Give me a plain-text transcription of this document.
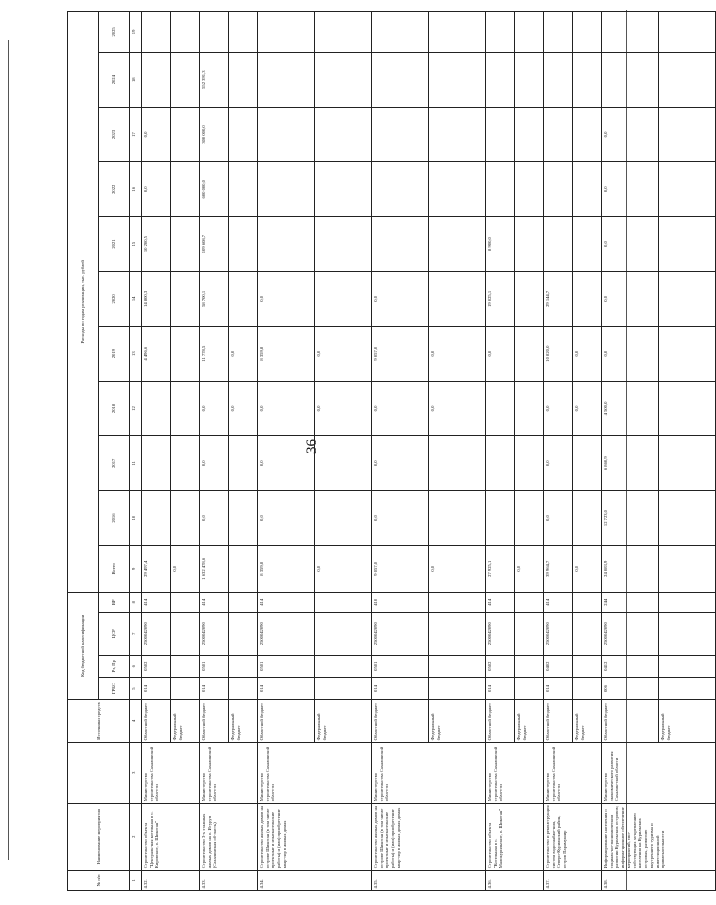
36
№ п/п	Наименование мероприятия		Источники средств	Код бюджетной классификации				Расходы по годам реализации, тыс. рублей										
				ГРБС	Рз, Пр	ЦСР	ВР	Всего	2016	2017	2018	2019	2020	2021	2022	2023	2024	2025
1	2	3	4	5	6	7	8	9	10	11	12	13	14	15	16	17	18	19
4.32.	Строительство объекта "Централь-ная котельная в с. Кировское, о. Шикотан"	Министерство строительства Сахалинской обла-сти	Областной бюджет	014	0502	2500042090	414	29 497,4				4 496,6	14 800,3	10 200,5	0,0	0,0		
			Федеральный бюджет					0,0										
4.33.	Строительство 3-х этажных жилых домов на о. Итуруп (Сахалинская об-ласть)	Министерство строительства Сахалинской обла-сти	Областной бюджет	014	0501	2500042090	414	1 632 478,6	0,0	0,0	0,0	11 778,5	58 700,1	109 608,7	600 000,0	300 000,0	552 391,3	
			Федеральный бюджет								0,0	0,0						
4.34.	Строительство жилых домов на острове Шикотан (в том числе проектные и изыскательские работы) и (или) приобретение квар-тир в жилых домах	Министерство строительства Сахалинской обла-сти	Областной бюджет	014	0501	2500042090	414	8 359,8	0,0	0,0	0,0	8 359,8	0,0					
			Федеральный бюджет					0,0			0,0	0,0						
4.35.	Строительство жилых домов на острове Шикотан (в том числе проектные и изыскательские работы) и (или) приобретение квар-тир в жилых домах домах	Министерство строительства Сахалинской обла-сти	Областной бюджет	014	0501	2500042090	410	9 057,0	0,0	0,0	0,0	9 057,0	0,0					
			Федеральный бюджет					0,0			0,0	0,0						
4.36.	Строительство объекта "Котельная в с. Малокурильское, о. Шикотан"	Министерство строительства Сахалинской обла-сти	Областной бюджет	014	0502	2500042090	414	27 925,1				0,0	19 025,1	8 900,0				
			Федеральный бюджет					0,0										
4.37.	Строительство и реконструкция систем водоснабже-ния, Северо-Курильский район, остров Парамушир	Министерство строительства Сахалинской обла-сти	Областной бюджет	014	0402	2500042090	414	39 964,7	0,0	0,0	0,0	10 820,0	29 144,7					
			Федеральный бюджет					0,0			0,0	0,0						
4.38.	Информирование населения о социаль-но-экономическом развитии Курильских островов; информа-ционное обеспечение мероприятий, спо-собствующих за-креплению населения на Курильских островах, развитию внутреннего туризма и инвестиционной привлекательности	Министерство экономического развития Сахалин-ской области	Областной бюджет	006	0412	2500042090	244	24 083,9	12 723,0	6 860,9	4 500,0	0,0	0,0	0,0	0,0	0,0		
			Федеральный бюджет															
